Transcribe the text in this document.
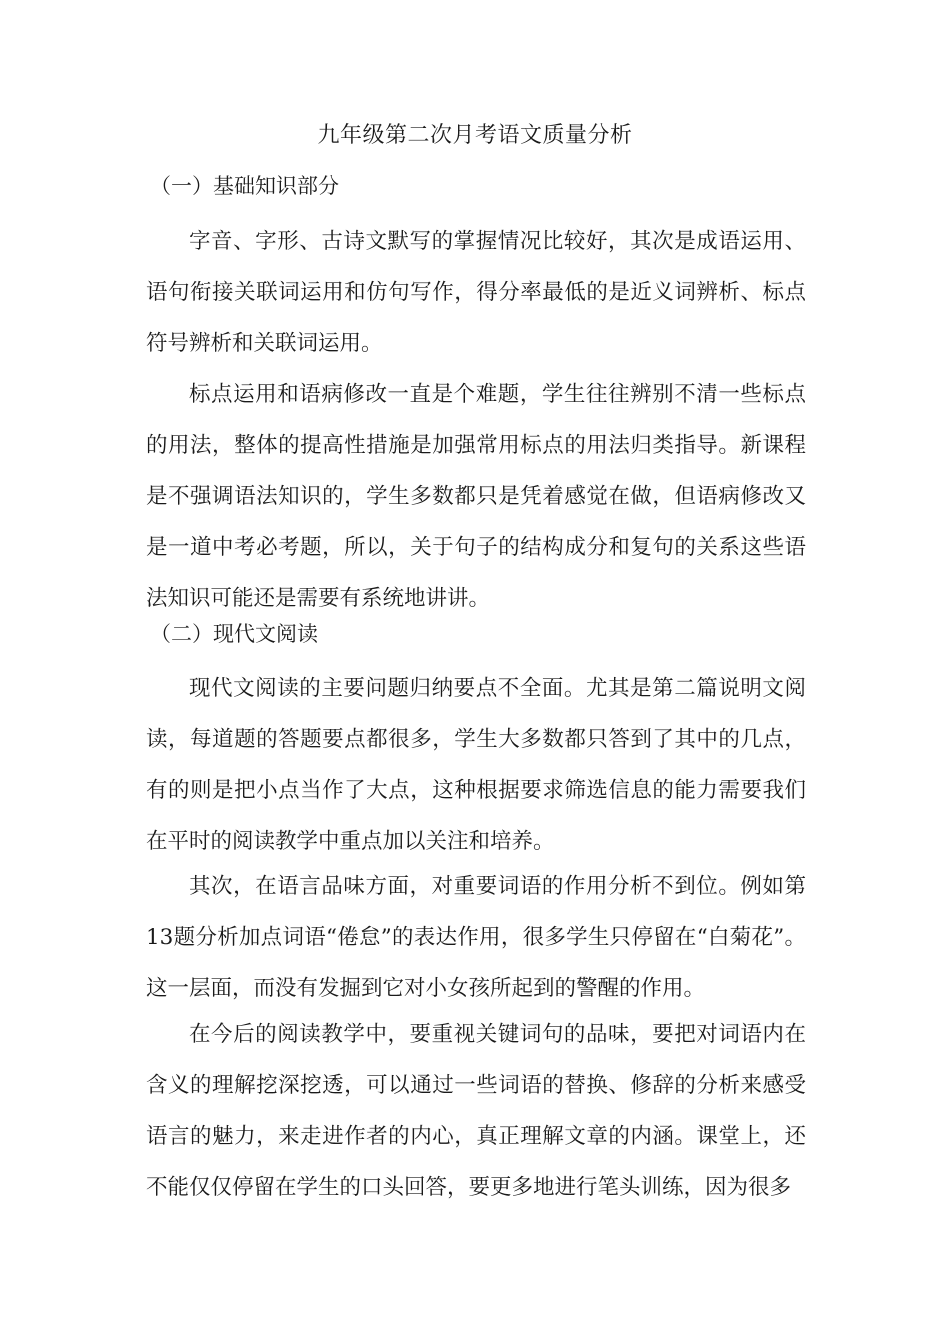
九年级第二次月考语文质量分析
（一）基础知识部分

字音、字形、古诗文默写的掌握情况比较好，其次是成语运用、语句衔接关联词运用和仿句写作，得分率最低的是近义词辨析、标点符号辨析和关联词运用。

标点运用和语病修改一直是个难题，学生往往辨别不清一些标点的用法，整体的提高性措施是加强常用标点的用法归类指导。新课程是不强调语法知识的，学生多数都只是凭着感觉在做，但语病修改又是一道中考必考题，所以，关于句子的结构成分和复句的关系这些语法知识可能还是需要有系统地讲讲。

（二）现代文阅读

现代文阅读的主要问题归纳要点不全面。尤其是第二篇说明文阅读，每道题的答题要点都很多，学生大多数都只答到了其中的几点，有的则是把小点当作了大点，这种根据要求筛选信息的能力需要我们在平时的阅读教学中重点加以关注和培养。

其次，在语言品味方面，对重要词语的作用分析不到位。例如第13题分析加点词语“倦怠”的表达作用，很多学生只停留在“白菊花”。这一层面，而没有发掘到它对小女孩所起到的警醒的作用。

在今后的阅读教学中，要重视关键词句的品味，要把对词语内在含义的理解挖深挖透，可以通过一些词语的替换、修辞的分析来感受语言的魅力，来走进作者的内心，真正理解文章的内涵。课堂上，还不能仅仅停留在学生的口头回答，要更多地进行笔头训练，因为很多
